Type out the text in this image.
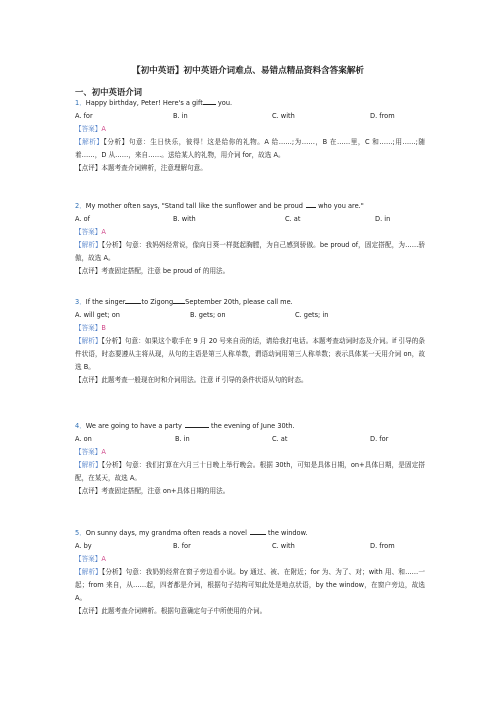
【初中英语】初中英语介词难点、易错点精品资料含答案解析
一、初中英语介词
1．Happy birthday, Peter! Here's a gift you.
A. for	B. in	C. with	D. from
【答案】A
【解析】【分析】句意：生日快乐，彼得！这是给你的礼物。A 给……;为……，B 在……里，C 和……;用……;随着……，D 从……，来自……。送给某人的礼物，用介词 for，故选 A。
【点评】本题考查介词辨析，注意理解句意。
2．My mother often says, "Stand tall like the sunflower and be proud who you are."
A. of	B. with	C. at	D. in
【答案】A
【解析】【分析】句意：我妈妈经常说，像向日葵一样挺起胸膛，为自己感到骄傲。be proud of，固定搭配，为……骄傲，故选 A。
【点评】考查固定搭配，注意 be proud of 的用法。
3．If the singer to Zigong September 20th, please call me.
A. will get; on	B. gets; on	C. gets; in
【答案】B
【解析】【分析】句意：如果这个歌手在 9 月 20 号来自贡的话，请给我打电话。本题考查动词时态及介词。if 引导的条件状语，时态要遵从主将从现，从句的主语是第三人称单数，谓语动词用第三人称单数；表示具体某一天用介词 on，故选 B。
【点评】此题考查一般现在时和介词用法。注意 if 引导的条件状语从句的时态。
4．We are going to have a party	the evening of June 30th.
A. on	B. in	C. at	D. for
【答案】A
【解析】【分析】句意：我们打算在六月三十日晚上举行晚会。根据 30th，可知是具体日期，on+具体日期，是固定搭配，在某天，故选 A。
【点评】考查固定搭配，注意 on+具体日期的用法。
5．On sunny days, my grandma often reads a novel	the window.
A. by	B. for	C. with	D. from
【答案】A
【解析】【分析】句意：我奶奶经常在窗子旁边看小说。by 通过、被、在附近；for 为、为了、对；with 用、和……一起；from 来自，从……起，四者都是介词，根据句子结构可知此处是地点状语，by the window，在窗户旁边，故选 A。
【点评】此题考查介词辨析。根据句意确定句子中所使用的介词。
